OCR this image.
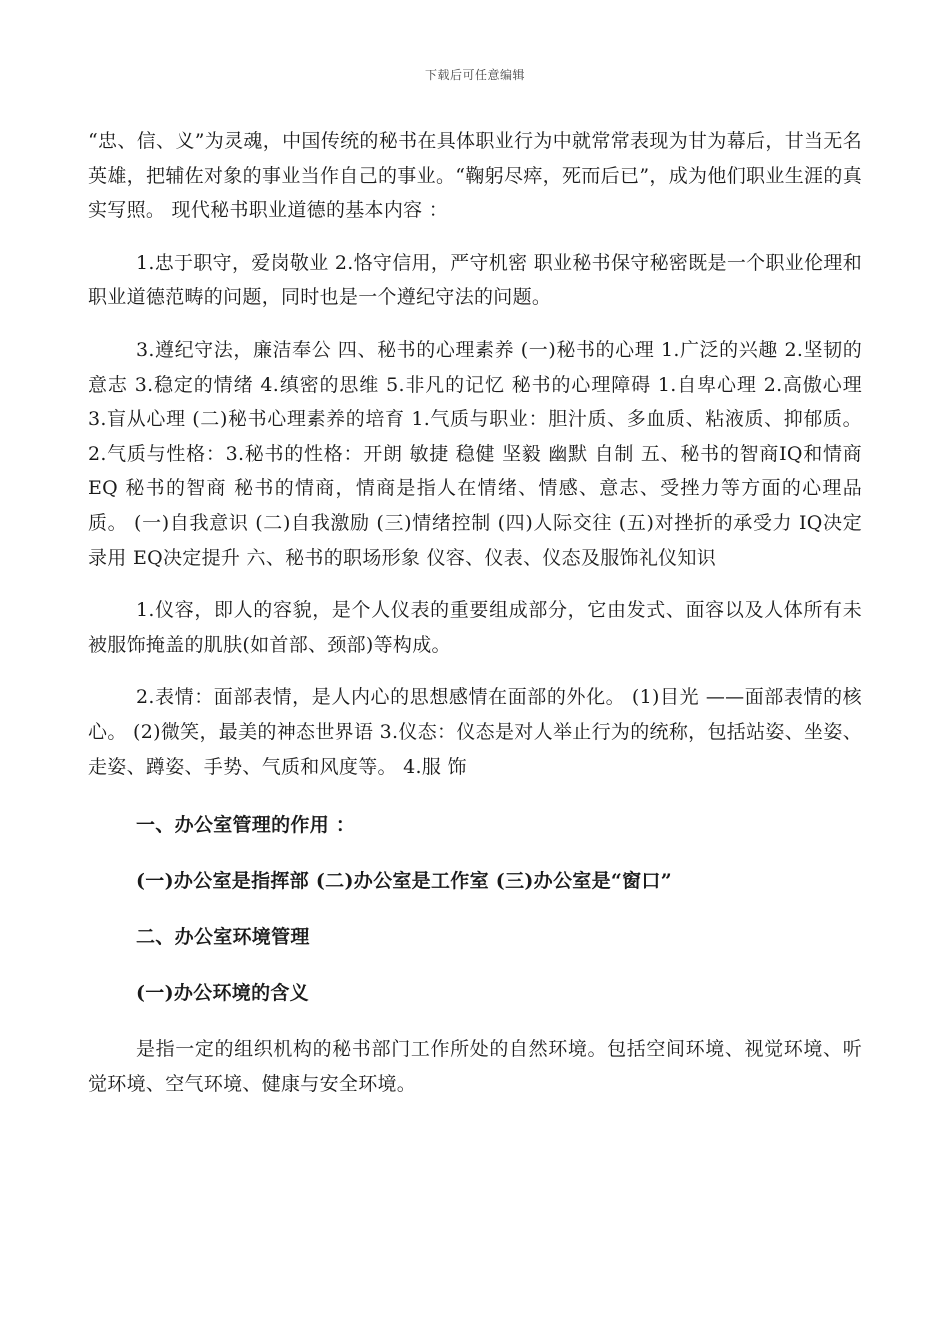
下载后可任意编辑

“忠、信、义”为灵魂，中国传统的秘书在具体职业行为中就常常表现为甘为幕后，甘当无名英雄，把辅佐对象的事业当作自己的事业。“鞠躬尽瘁，死而后已”，成为他们职业生涯的真实写照。 现代秘书职业道德的基本内容 ：

1.忠于职守，爱岗敬业 2.恪守信用，严守机密 职业秘书保守秘密既是一个职业伦理和职业道德范畴的问题，同时也是一个遵纪守法的问题。

3.遵纪守法，廉洁奉公 四、秘书的心理素养 (一)秘书的心理 1.广泛的兴趣 2.坚韧的意志 3.稳定的情绪 4.缜密的思维 5.非凡的记忆 秘书的心理障碍 1.自卑心理 2.高傲心理 3.盲从心理 (二)秘书心理素养的培育 1.气质与职业：胆汁质、多血质、粘液质、抑郁质。 2.气质与性格：3.秘书的性格：开朗 敏捷 稳健 坚毅 幽默 自制 五、秘书的智商IQ和情商EQ 秘书的智商 秘书的情商，情商是指人在情绪、情感、意志、受挫力等方面的心理品质。 (一)自我意识 (二)自我激励 (三)情绪控制 (四)人际交往 (五)对挫折的承受力 IQ决定录用 EQ决定提升 六、秘书的职场形象 仪容、仪表、仪态及服饰礼仪知识

1.仪容，即人的容貌，是个人仪表的重要组成部分，它由发式、面容以及人体所有未被服饰掩盖的肌肤(如首部、颈部)等构成。

2.表情：面部表情，是人内心的思想感情在面部的外化。 (1)目光 ——面部表情的核心。 (2)微笑，最美的神态世界语 3.仪态：仪态是对人举止行为的统称，包括站姿、坐姿、走姿、蹲姿、手势、气质和风度等。 4.服 饰

一、办公室管理的作用 ：

(一)办公室是指挥部 (二)办公室是工作室 (三)办公室是“窗口”

二、办公室环境管理

(一)办公环境的含义

是指一定的组织机构的秘书部门工作所处的自然环境。包括空间环境、视觉环境、听觉环境、空气环境、健康与安全环境。
